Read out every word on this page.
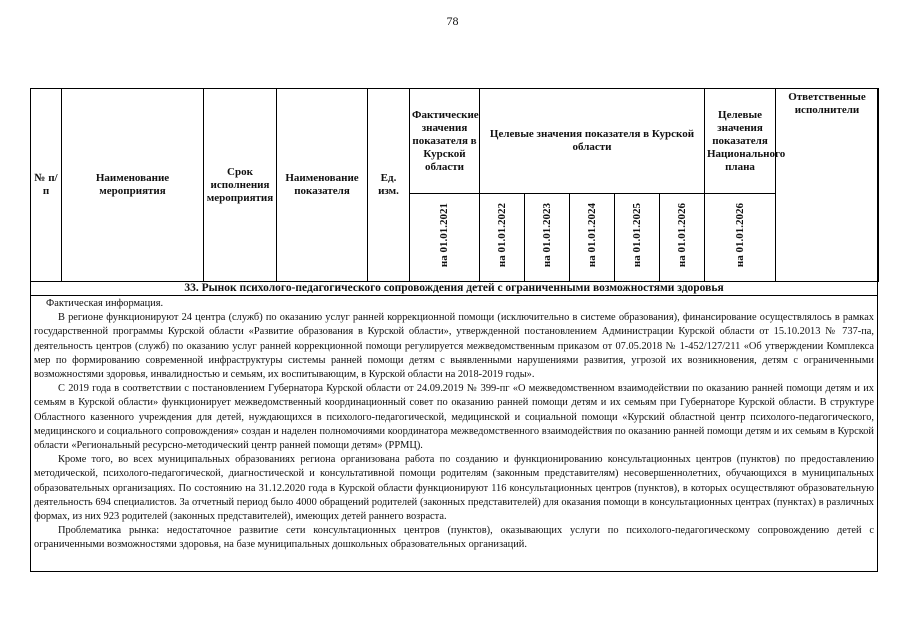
78
№ п/п	Наименование мероприятия	Срок исполнения мероприятия	Наименование показателя	Ед. изм.	Фактические значения показателя в Курской области	Целевые значения показателя в Курской области					Целевые значения показателя Национального плана	Ответственные исполнители
					на 01.01.2021	на 01.01.2022	на 01.01.2023	на 01.01.2024	на 01.01.2025	на 01.01.2026	на 01.01.2026	
33. Рынок психолого-педагогического сопровождения детей с ограниченными возможностями здоровья

Фактическая информация.

В регионе функционируют 24 центра (служб) по оказанию услуг ранней коррекционной помощи (исключительно в системе образования), финансирование осуществлялось в рамках государственной программы Курской области «Развитие образования в Курской области», утвержденной постановлением Администрации Курской области от 15.10.2013 № 737-па, деятельность центров (служб) по оказанию услуг ранней коррекционной помощи регулируется межведомственным приказом от 07.05.2018 № 1-452/127/211 «Об утверждении Комплекса мер по формированию современной инфраструктуры системы ранней помощи детям с выявленными нарушениями развития, угрозой их возникновения, детям с ограниченными возможностями здоровья, инвалидностью и семьям, их воспитывающим, в Курской области на 2018-2019 годы».

С 2019 года в соответствии с постановлением Губернатора Курской области от 24.09.2019 № 399-пг «О межведомственном взаимодействии по оказанию ранней помощи детям и их семьям в Курской области» функционирует межведомственный координационный совет по оказанию ранней помощи детям и их семьям при Губернаторе Курской области. В структуре Областного казенного учреждения для детей, нуждающихся в психолого-педагогической, медицинской и социальной помощи «Курский областной центр психолого-педагогического, медицинского и социального сопровождения» создан и наделен полномочиями координатора межведомственного взаимодействия по оказанию ранней помощи детям и их семьям в Курской области «Региональный ресурсно-методический центр ранней помощи детям» (РРМЦ).

Кроме того, во всех муниципальных образованиях региона организована работа по созданию и функционированию консультационных центров (пунктов) по предоставлению методической, психолого-педагогической, диагностической и консультативной помощи родителям (законным представителям) несовершеннолетних, обучающихся в муниципальных образовательных организациях. По состоянию на 31.12.2020 года в Курской области функционируют 116 консультационных центров (пунктов), в которых осуществляют образовательную деятельность 694 специалистов. За отчетный период было 4000 обращений родителей (законных представителей) для оказания помощи в консультационных центрах (пунктах) в различных формах, из них 923 родителей (законных представителей), имеющих детей раннего возраста.

Проблематика рынка: недостаточное развитие сети консультационных центров (пунктов), оказывающих услуги по психолого-педагогическому сопровождению детей с ограниченными возможностями здоровья, на базе муниципальных дошкольных образовательных организаций.
